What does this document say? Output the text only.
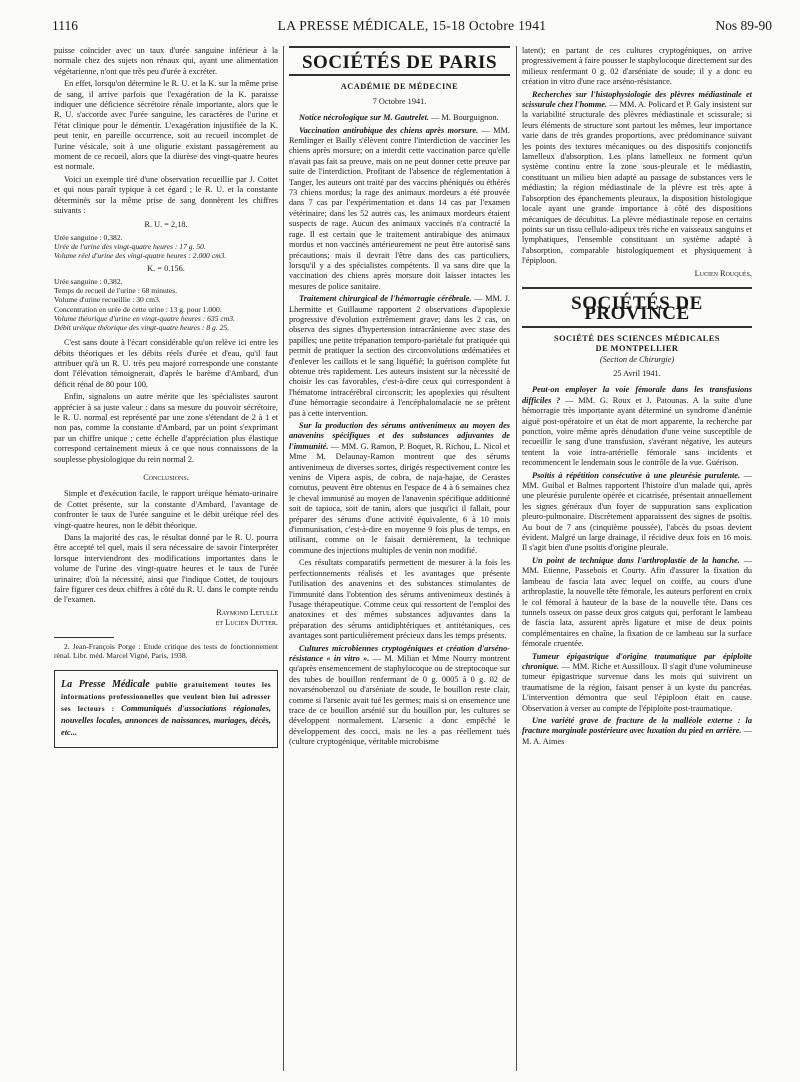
1116	LA PRESSE MÉDICALE, 15-18 Octobre 1941	Nos 89-90

puisse coïncider avec un taux d'urée sanguine inférieur à la normale chez des sujets non rénaux qui, ayant une alimentation végétarienne, n'ont que très peu d'urée à excréter.

En effet, lorsqu'on détermine le R. U. et la K. sur la même prise de sang, il arrive parfois que l'exagération de la K. paraisse indiquer une déficience sécrétoire rénale importante, alors que le R. U. s'accorde avec l'urée sanguine, les caractères de l'urine et l'état clinique pour le démentir. L'exagération injustifiée de la K. peut tenir, en pareille occurrence, soit au recueil incomplet de l'urine vésicale, soit à une oligurie existant passagèrement au moment de ce recueil, alors que la diurèse des vingt-quatre heures est normale.

Voici un exemple tiré d'une observation recueillie par J. Cottet et qui nous paraît typique à cet égard ; le R. U. et la constante déterminés sur la même prise de sang donnèrent les chiffres suivants :

R. U. = 2,18.
Urée sanguine : 0,382.
Urée de l'urine des vingt-quatre heures : 17 g. 50.
Volume réel d'urine des vingt-quatre heures : 2.000 cm3.
K. = 0.156.
Urée sanguine : 0,382.
Temps de recueil de l'urine : 68 minutes.
Volume d'urine recueillie : 30 cm3.
Concentration en urée de cette urine : 13 g. pour 1.000.
Volume théorique d'urine en vingt-quatre heures : 635 cm3.
Débit uréique théorique des vingt-quatre heures : 8 g. 25.

C'est sans doute à l'écart considérable qu'on relève ici entre les débits théoriques et les débits réels d'urée et d'eau, qu'il faut attribuer qu'à un R. U. très peu majoré corresponde une constante dont l'élévation témoignerait, d'après le barème d'Ambard, d'un déficit rénal de 80 pour 100.

Enfin, signalons un autre mérite que les spécialistes sauront apprécier à sa juste valeur : dans sa mesure du pouvoir sécrétoire, le R. U. normal est représenté par une zone s'étendant de 2 à 1 et non pas, comme la constante d'Ambard, par un point s'exprimant par un chiffre unique ; cette échelle d'appréciation plus élastique correspond certainement mieux à ce que nous connaissons de la souplesse physiologique du rein normal 2.

Conclusions.

Simple et d'exécution facile, le rapport uréique hémato-urinaire de Cottet présente, sur la constante d'Ambard, l'avantage de confronter le taux de l'urée sanguine et le débit uréique réel des vingt-quatre heures, non le débit théorique.

Dans la majorité des cas, le résultat donné par le R. U. pourra être accepté tel quel, mais il sera nécessaire de savoir l'interpréter lorsque interviendront des modifications importantes dans le volume de l'urine des vingt-quatre heures et le taux de l'urée urinaire; d'où la nécessité, ainsi que l'indique Cottet, de toujours faire figurer ces deux chiffres à côté du R. U. dans le compte rendu de l'examen.

Raymond Letulle
et Lucien Dutter.
2. Jean-François Porge : Etude critique des tests de fonctionnement rénal. Libr. méd. Marcel Vigné, Paris, 1938.
La Presse Médicale publie gratuitement toutes les informations professionnelles que veulent bien lui adresser ses lecteurs : Communiqués d'associations régionales, nouvelles locales, annonces de naissances, mariages, décès, etc...
SOCIÉTÉS DE PARIS
ACADÉMIE DE MÉDECINE
7 Octobre 1941.

Notice nécrologique sur M. Gautrelet. — M. Bourguignon.

Vaccination antirabique des chiens après morsure. — MM. Remlinger et Bailly s'élèvent contre l'interdiction de vacciner les chiens après morsure; on a interdit cette vaccination parce qu'elle n'avait pas fait sa preuve, mais on ne peut donner cette preuve par suite de l'interdiction. Profitant de l'absence de réglementation à Tanger, les auteurs ont traité par des vaccins phéniqués ou éthérés 73 chiens mordus; la rage des animaux mordeurs a été prouvée dans 7 cas par l'expérimentation et dans 14 cas par l'examen vétérinaire; dans les 52 autres cas, les animaux mordeurs étaient suspects de rage. Aucun des animaux vaccinés n'a contracté la rage. Il est certain que le traitement antirabique des animaux mordus et non vaccinés antérieurement ne peut être autorisé sans précautions; mais il devrait l'être dans des cas particuliers, lorsqu'il y a des spécialistes compétents. Il va sans dire que la vaccination des chiens après morsure doit laisser intactes les mesures de police sanitaire.

Traitement chirurgical de l'hémorragie cérébrale. — MM. J. Lhermitte et Guillaume rapportent 2 observations d'apoplexie progressive d'évolution extrêmement grave; dans les 2 cas, on observa des signes d'hypertension intracrânienne avec stase des papilles; une petite trépanation temporo-pariétale fut pratiquée qui permit de pratiquer la section des circonvolutions œdématiées et d'enlever les caillots et le sang liquéfié; la guérison complète fut obtenue très rapidement. Les auteurs insistent sur la nécessité de choisir les cas favorables, c'est-à-dire ceux qui correspondent à l'hématome intracérébral circonscrit; les apoplexies qui résultent d'une hémorragie secondaire à l'encéphalomalacie ne se prêtent pas à cette intervention.

Sur la production des sérums antivenimeux au moyen des anavenins spécifiques et des substances adjuvantes de l'immunité. — MM. G. Ramon, P. Boquet, R. Richou, L. Nicol et Mme M. Delaunay-Ramon montrent que des sérums antivenimeux de diverses sortes, dirigés respectivement contre les venins de Vipera aspis, de cobra, de naja-hajae, de Cerastes cornutus, peuvent être obtenus en l'espace de 4 à 6 semaines chez le cheval immunisé au moyen de l'anavenin spécifique additionné soit de tapioca, soit de tanin, alors que jusqu'ici il fallait, pour préparer des sérums d'une activité équivalente, 6 à 10 mois d'immunisation, c'est-à-dire en moyenne 9 fois plus de temps, en utilisant, comme on le faisait dernièrement, la technique commune des injections multiples de venin non modifié.

Ces résultats comparatifs permettent de mesurer à la fois les perfectionnements réalisés et les avantages que présente l'utilisation des anavenins et des substances stimulantes de l'immunité dans l'obtention des sérums antivenimeux destinés à l'usage thérapeutique. Comme ceux qui ressortent de l'emploi des anatoxines et des mêmes substances adjuvantes dans la préparation des sérums antidiphtériques et antitétaniques, ces avantages sont particulièrement précieux dans les temps présents.

Cultures microbiennes cryptogéniques et création d'arséno-résistance « in vitro ». — M. Milian et Mme Nourry montrent qu'après ensemencement de staphylocoque ou de streptocoque sur des tubes de bouillon renfermant de 0 g. 0005 à 0 g. 02 de novarsénobenzol ou d'arséniate de soude, le bouillon reste clair, comme si l'arsenic avait tué les germes; mais si on ensemence une trace de ce bouillon arsénié sur du bouillon pur, les cultures se développent normalement. L'arsenic a donc empêché le développement des cocci, mais ne les a pas réellement tués (culture cryptogénique, véritable microbisme

latent); en partant de ces cultures cryptogéniques, on arrive progressivement à faire pousser le staphylocoque directement sur des milieux renfermant 0 g. 02 d'arséniate de soude; il y a donc eu création in vitro d'une race arséno-résistance.

Recherches sur l'histophysiologie des plèvres médiastinale et scissurale chez l'homme. — MM. A. Policard et P. Galy insistent sur la variabilité structurale des plèvres médiastinale et scissurale; si leurs éléments de structure sont partout les mêmes, leur importance varie dans de très grandes proportions, avec prédominance suivant les points des textures mécaniques ou des dispositifs conjonctifs lamelleux d'absorption. Les plans lamelleux ne forment qu'un système continu entre la zone sous-pleurale et le médiastin, constituant un milieu bien adapté au passage de substances vers le médiastin; la région médiastinale de la plèvre est très apte à l'absorption des épanchements pleuraux, la disposition histologique locale ayant une grande importance à côté des dispositions mécaniques de décubitus. La plèvre médiastinale repose en certains points sur un tissu cellulo-adipeux très riche en vaisseaux sanguins et lymphatiques, l'ensemble constituant un système adapté à l'absorption, comparable histologiquement et physiquement à l'épiploon.

Lucien Rouquès.
SOCIÉTÉS DE PROVINCE
SOCIÉTÉ DES SCIENCES MÉDICALES
DE MONTPELLIER
(Section de Chirurgie)
25 Avril 1941.

Peut-on employer la voie fémorale dans les transfusions difficiles ? — MM. G. Roux et J. Patounas. A la suite d'une hémorragie très importante ayant déterminé un syndrome d'anémie aiguë post-opératoire et un état de mort apparente, la recherche par ponction, voire même après dénudation d'une veine susceptible de recueillir le sang d'une transfusion, s'avérant négative, les auteurs tentent la voie intra-artérielle fémorale sans incidents et recommencent le lendemain sous le contrôle de la vue. Guérison.

Psoïtis à répétition consécutive à une pleurésie purulente. — MM. Guibal et Balmes rapportent l'histoire d'un malade qui, après une pleurésie purulente opérée et cicatrisée, présentait annuellement les signes généraux d'un foyer de suppuration sans explication pleuro-pulmonaire. Discrètement apparaissent des signes de psoïtis. Au bout de 7 ans (cinquième poussée), l'abcès du psoas devient évident. Malgré un large drainage, il récidive deux fois en 16 mois. Il s'agit bien d'une psoïtis d'origine pleurale.

Un point de technique dans l'arthroplastie de la hanche. — MM. Etienne, Passebois et Courty. Afin d'assurer la fixation du lambeau de fascia lata avec lequel on coiffe, au cours d'une arthroplastie, la nouvelle tête fémorale, les auteurs perforent en croix le col fémoral à hauteur de la base de la nouvelle tête. Dans ces tunnels osseux on passe deux gros catguts qui, perforant le lambeau de fascia lata, assurent après ligature et mise de deux points complémentaires en chaîne, la fixation de ce lambeau sur la surface fémorale cruentée.

Tumeur épigastrique d'origine traumatique par épiploïte chronique. — MM. Riche et Aussilloux. Il s'agit d'une volumineuse tumeur épigastrique survenue dans les mois qui suivirent un traumatisme de la région, faisant penser à un kyste du pancréas. L'intervention démontra que seul l'épiploon était en cause. Observation à verser au compte de l'épiploïte post-traumatique.

Une variété grave de fracture de la malléole externe : la fracture marginale postérieure avec luxation du pied en arrière. — M. A. Aimes
